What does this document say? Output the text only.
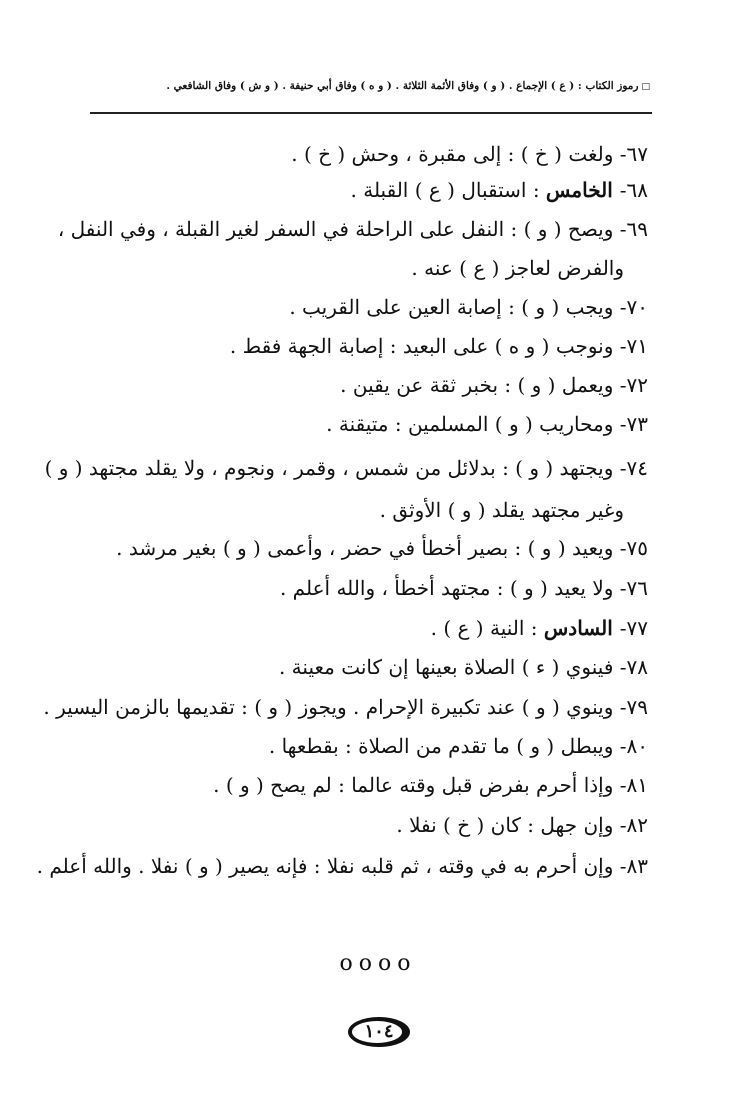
□رموز الكتاب : ( ع ) الإجماع . ( و ) وفاق الأئمة الثلاثة . ( و ه ) وفاق أبي حنيفة . ( و ش ) وفاق الشافعي .
٦٧- ولغت ( خ ) : إلى مقبرة ، وحش ( خ ) .
٦٨- الخامس : استقبال ( ع ) القبلة .
٦٩- ويصح ( و ) : النفل على الراحلة في السفر لغير القبلة ، وفي النفل ،
والفرض لعاجز ( ع ) عنه .
٧٠- ويجب ( و ) : إصابة العين على القريب .
٧١- ونوجب ( و ه ) على البعيد : إصابة الجهة فقط .
٧٢- ويعمل ( و ) : بخبر ثقة عن يقين .
٧٣- ومحاريب ( و ) المسلمين : متيقنة .
٧٤- ويجتهد ( و ) : بدلائل من شمس ، وقمر ، ونجوم ، ولا يقلد مجتهد ( و )
وغير مجتهد يقلد ( و ) الأوثق .
٧٥- ويعيد ( و ) : بصير أخطأ في حضر ، وأعمى ( و ) بغير مرشد .
٧٦- ولا يعيد ( و ) : مجتهد أخطأ ، والله أعلم .
٧٧- السادس : النية ( ع ) .
٧٨- فينوي ( ء ) الصلاة بعينها إن كانت معينة .
٧٩- وينوي ( و ) عند تكبيرة الإحرام . ويجوز ( و ) : تقديمها بالزمن اليسير .
٨٠- ويبطل ( و ) ما تقدم من الصلاة : بقطعها .
٨١- وإذا أحرم بفرض قبل وقته عالما : لم يصح ( و ) .
٨٢- وإن جهل : كان ( خ ) نفلا .
٨٣- وإن أحرم به في وقته ، ثم قلبه نفلا : فإنه يصير ( و ) نفلا . والله أعلم .
oooo
١٠٤
